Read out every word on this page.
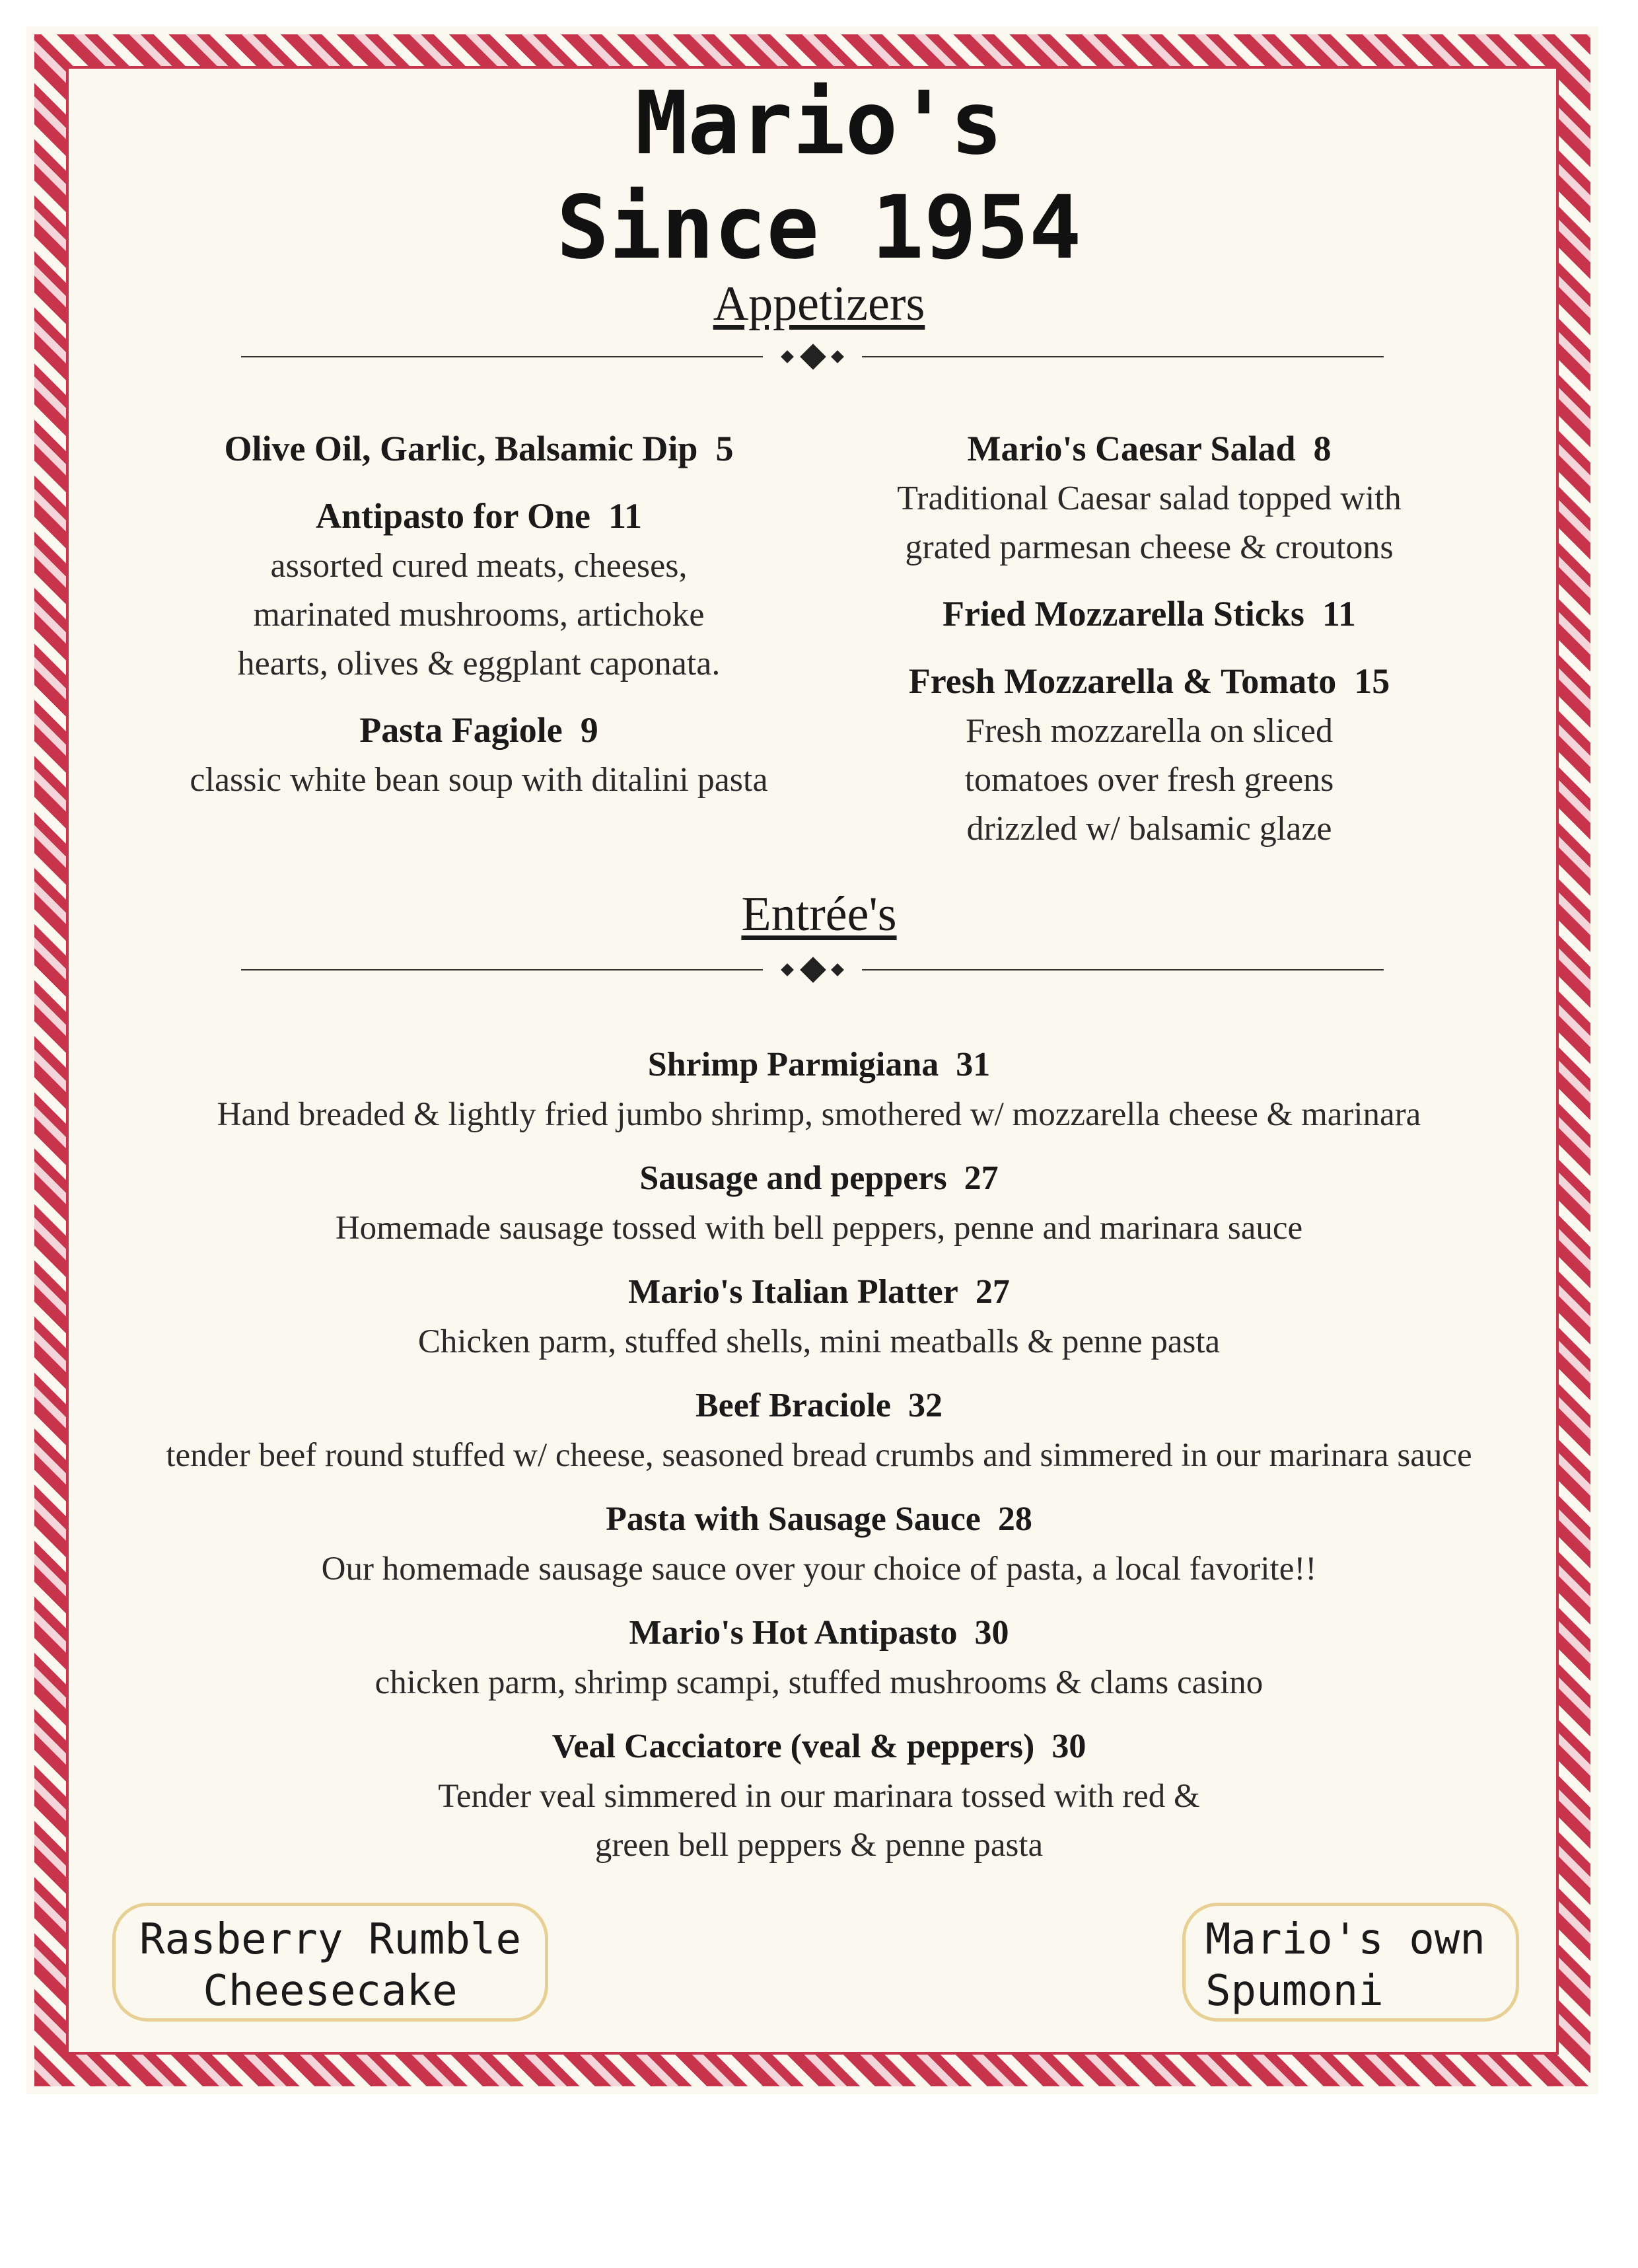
Mario's
Since 1954
Appetizers
Olive Oil, Garlic, Balsamic Dip 5
Antipasto for One 11
assorted cured meats, cheeses, marinated mushrooms, artichoke hearts, olives & eggplant caponata.
Pasta Fagiole 9
classic white bean soup with ditalini pasta
Mario's Caesar Salad 8
Traditional Caesar salad topped with grated parmesan cheese & croutons
Fried Mozzarella Sticks 11
Fresh Mozzarella & Tomato 15
Fresh mozzarella on sliced tomatoes over fresh greens drizzled w/ balsamic glaze
Entrée's
Shrimp Parmigiana 31
Hand breaded & lightly fried jumbo shrimp, smothered w/ mozzarella cheese & marinara
Sausage and peppers 27
Homemade sausage tossed with bell peppers, penne and marinara sauce
Mario's Italian Platter 27
Chicken parm, stuffed shells, mini meatballs & penne pasta
Beef Braciole 32
tender beef round stuffed w/ cheese, seasoned bread crumbs and simmered in our marinara sauce
Pasta with Sausage Sauce 28
Our homemade sausage sauce over your choice of pasta, a local favorite!!
Mario's Hot Antipasto 30
chicken parm, shrimp scampi, stuffed mushrooms & clams casino
Veal Cacciatore (veal & peppers) 30
Tender veal simmered in our marinara tossed with red & green bell peppers & penne pasta
Rasberry Rumble
Cheesecake
Mario's own
Spumoni
